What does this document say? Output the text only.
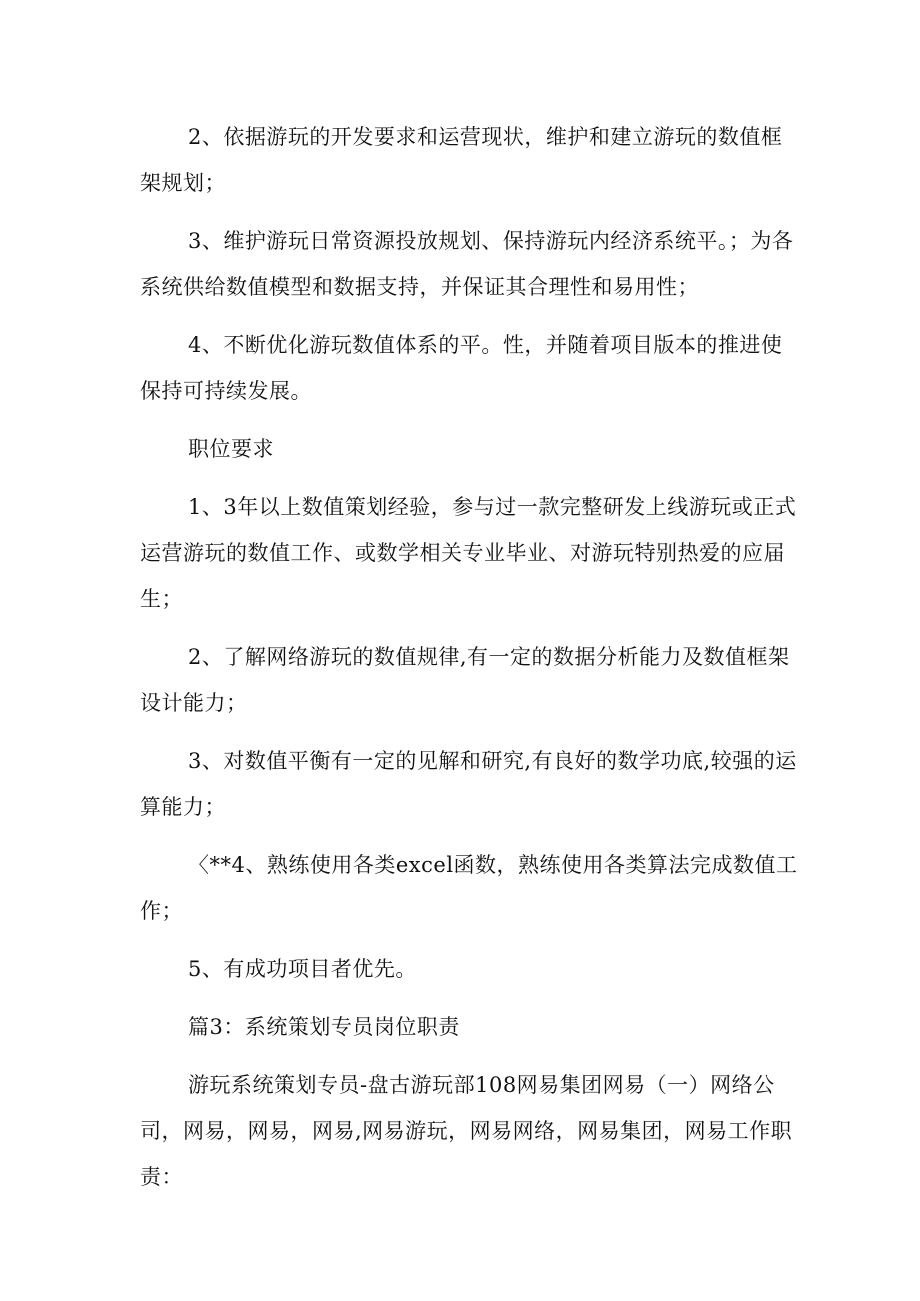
2、依据游玩的开发要求和运营现状，维护和建立游玩的数值框架规划；

3、维护游玩日常资源投放规划、保持游玩内经济系统平。；为各系统供给数值模型和数据支持，并保证其合理性和易用性；

4、不断优化游玩数值体系的平。性，并随着项目版本的推进使保持可持续发展。

职位要求

1、3年以上数值策划经验，参与过一款完整研发上线游玩或正式运营游玩的数值工作、或数学相关专业毕业、对游玩特别热爱的应届生；

2、了解网络游玩的数值规律,有一定的数据分析能力及数值框架设计能力；

3、对数值平衡有一定的见解和研究,有良好的数学功底,较强的运算能力；

〈**4、熟练使用各类excel函数，熟练使用各类算法完成数值工作；

5、有成功项目者优先。

篇3：系统策划专员岗位职责

游玩系统策划专员-盘古游玩部108网易集团网易（一）网络公司，网易，网易，网易,网易游玩，网易网络，网易集团，网易工作职责：
